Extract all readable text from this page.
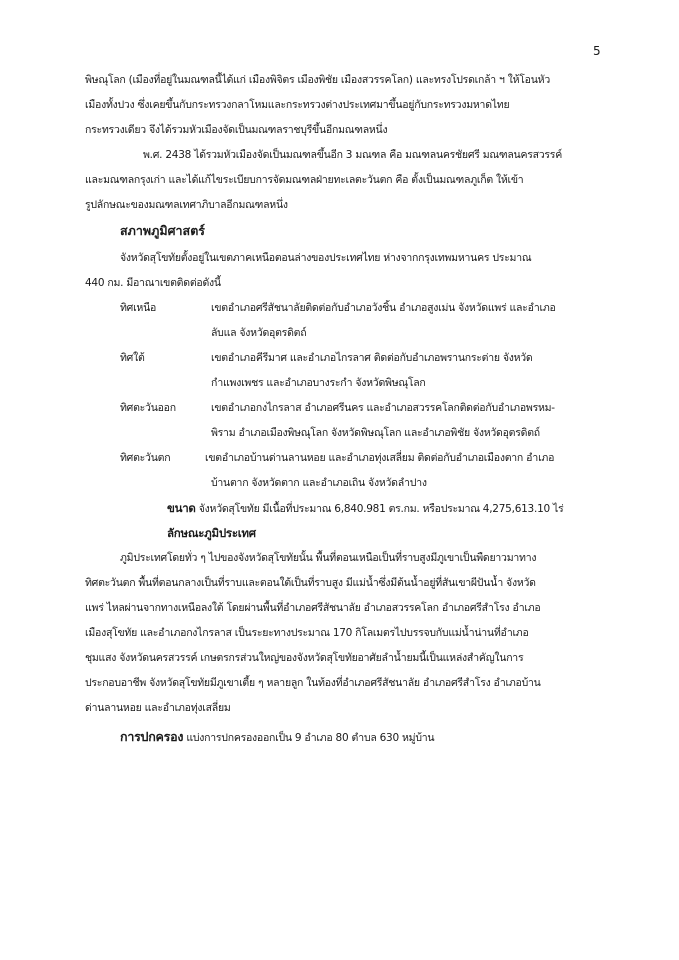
5

พิษณุโลก (เมืองที่อยู่ในมณฑลนี้ได้แก่ เมืองพิจิตร เมืองพิชัย เมืองสวรรคโลก) และทรงโปรดเกล้า ฯ ให้โอนหัว

เมืองทั้งปวง ซึ่งเคยขึ้นกับกระทรวงกลาโหมและกระทรวงต่างประเทศมาขึ้นอยู่กับกระทรวงมหาดไทย

กระทรวงเดียว จึงได้รวมหัวเมืองจัดเป็นมณฑลราชบุรีขึ้นอีกมณฑลหนึ่ง

พ.ศ. 2438 ได้รวมหัวเมืองจัดเป็นมณฑลขึ้นอีก 3 มณฑล คือ มณฑลนครชัยศรี มณฑลนครสวรรค์

และมณฑลกรุงเก่า และได้แก้ไขระเบียบการจัดมณฑลฝ่ายทะเลตะวันตก คือ ตั้งเป็นมณฑลภูเก็ต ให้เข้า

รูปลักษณะของมณฑลเทศาภิบาลอีกมณฑลหนึ่ง

สภาพภูมิศาสตร์

จังหวัดสุโขทัยตั้งอยู่ในเขตภาคเหนือตอนล่างของประเทศไทย ห่างจากกรุงเทพมหานคร ประมาณ

440 กม. มีอาณาเขตติดต่อดังนี้

ทิศเหนือ	เขตอำเภอศรีสัชนาลัยติดต่อกับอำเภอวังชิ้น อำเภอสูงเม่น จังหวัดแพร่ และอำเภอ

ลับแล จังหวัดอุตรดิตถ์

ทิศใต้	เขตอำเภอคีรีมาศ และอำเภอไกรลาศ ติดต่อกับอำเภอพรานกระต่าย จังหวัด

กำแพงเพชร และอำเภอบางระกำ จังหวัดพิษณุโลก

ทิศตะวันออก	เขตอำเภอกงไกรลาส อำเภอศรีนคร และอำเภอสวรรคโลกติดต่อกับอำเภอพรหม-

พิราม อำเภอเมืองพิษณุโลก จังหวัดพิษณุโลก และอำเภอพิชัย จังหวัดอุตรดิตถ์

ทิศตะวันตก	เขตอำเภอบ้านด่านลานหอย และอำเภอทุ่งเสลี่ยม ติดต่อกับอำเภอเมืองตาก อำเภอ

บ้านตาก จังหวัดตาก และอำเภอเถิน จังหวัดลำปาง

ขนาด จังหวัดสุโขทัย มีเนื้อที่ประมาณ 6,840.981 ตร.กม. หรือประมาณ 4,275,613.10 ไร่

ลักษณะภูมิประเทศ

ภูมิประเทศโดยทั่ว ๆ ไปของจังหวัดสุโขทัยนั้น พื้นที่ตอนเหนือเป็นที่ราบสูงมีภูเขาเป็นพืดยาวมาทาง

ทิศตะวันตก พื้นที่ตอนกลางเป็นที่ราบและตอนใต้เป็นที่ราบสูง มีแม่น้ำซึ่งมีต้นน้ำอยู่ที่สันเขาผีปันน้ำ จังหวัด

แพร่ ไหลผ่านจากทางเหนือลงใต้ โดยผ่านพื้นที่อำเภอศรีสัชนาลัย อำเภอสวรรคโลก อำเภอศรีสำโรง อำเภอ

เมืองสุโขทัย และอำเภอกงไกรลาส เป็นระยะทางประมาณ 170 กิโลเมตรไปบรรจบกับแม่น้ำน่านที่อำเภอ

ชุมแสง จังหวัดนครสวรรค์ เกษตรกรส่วนใหญ่ของจังหวัดสุโขทัยอาศัยลำน้ำยมนี้เป็นแหล่งสำคัญในการ

ประกอบอาชีพ จังหวัดสุโขทัยมีภูเขาเตี้ย ๆ หลายลูก ในท้องที่อำเภอศรีสัชนาลัย อำเภอศรีสำโรง อำเภอบ้าน

ด่านลานหอย และอำเภอทุ่งเสลี่ยม

การปกครอง แบ่งการปกครองออกเป็น 9 อำเภอ 80 ตำบล 630 หมู่บ้าน
